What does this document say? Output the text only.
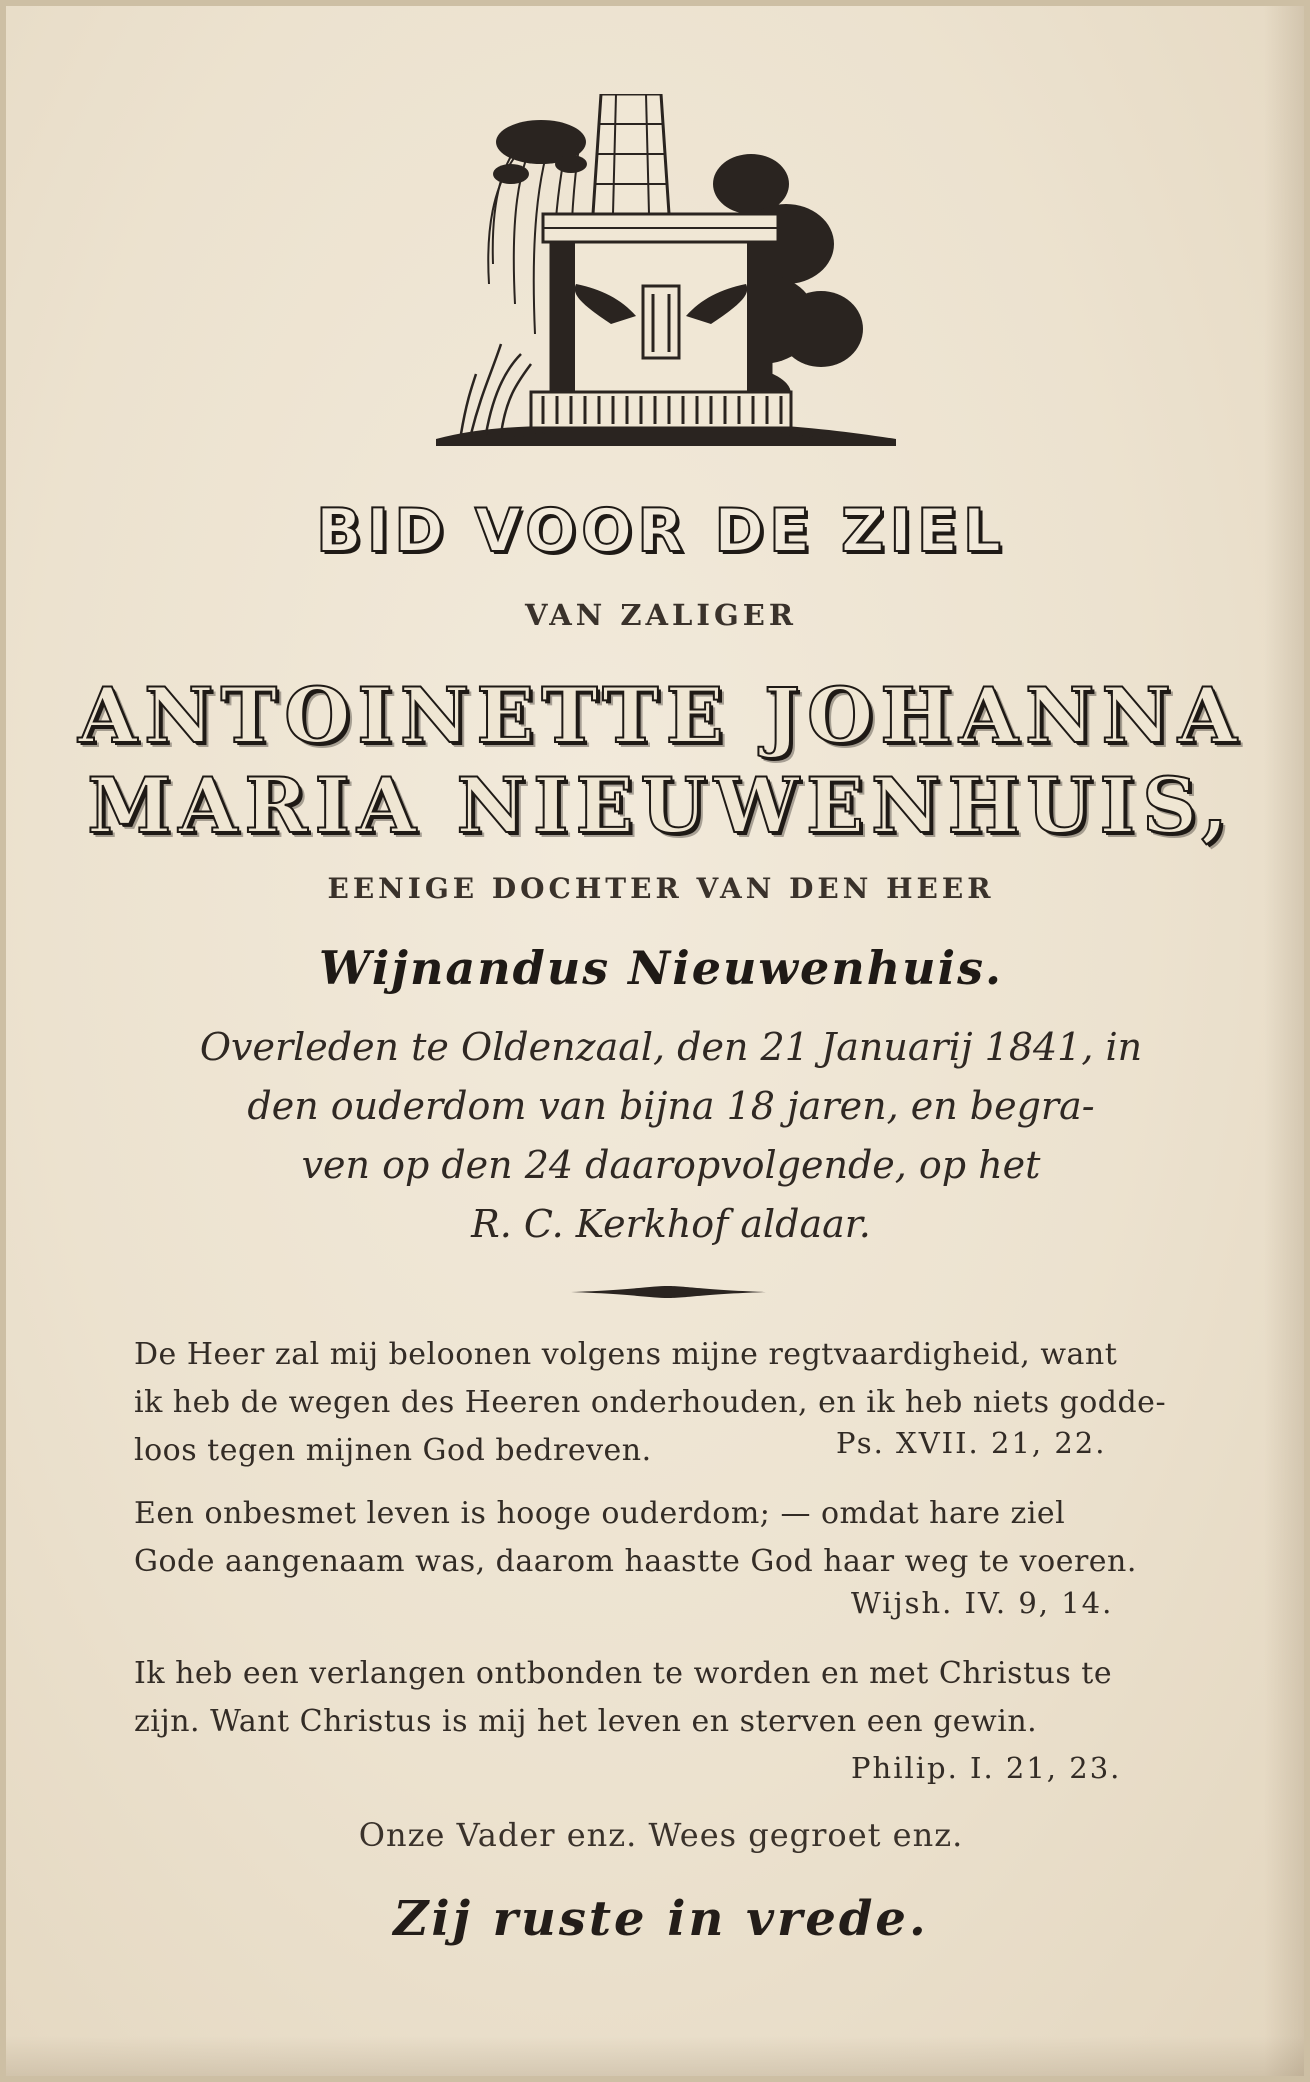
BID VOOR DE ZIEL
VAN ZALIGER
ANTOINETTE JOHANNA
MARIA NIEUWENHUIS,
EENIGE DOCHTER VAN DEN HEER
Wijnandus Nieuwenhuis.
Overleden te Oldenzaal, den 21 Januarij 1841, in
den ouderdom van bijna 18 jaren, en begra-
ven op den 24 daaropvolgende, op het
R. C. Kerkhof aldaar.
De Heer zal mij beloonen volgens mijne regtvaardigheid, want
ik heb de wegen des Heeren onderhouden, en ik heb niets godde-
loos tegen mijnen God bedreven.	Ps. XVII. 21, 22.
Een onbesmet leven is hooge ouderdom; — omdat hare ziel
Gode aangenaam was, daarom haastte God haar weg te voeren.
Wijsh. IV. 9, 14.
Ik heb een verlangen ontbonden te worden en met Christus te
zijn. Want Christus is mij het leven en sterven een gewin.
Philip. I. 21, 23.
Onze Vader enz. Wees gegroet enz.
Zij ruste in vrede.
